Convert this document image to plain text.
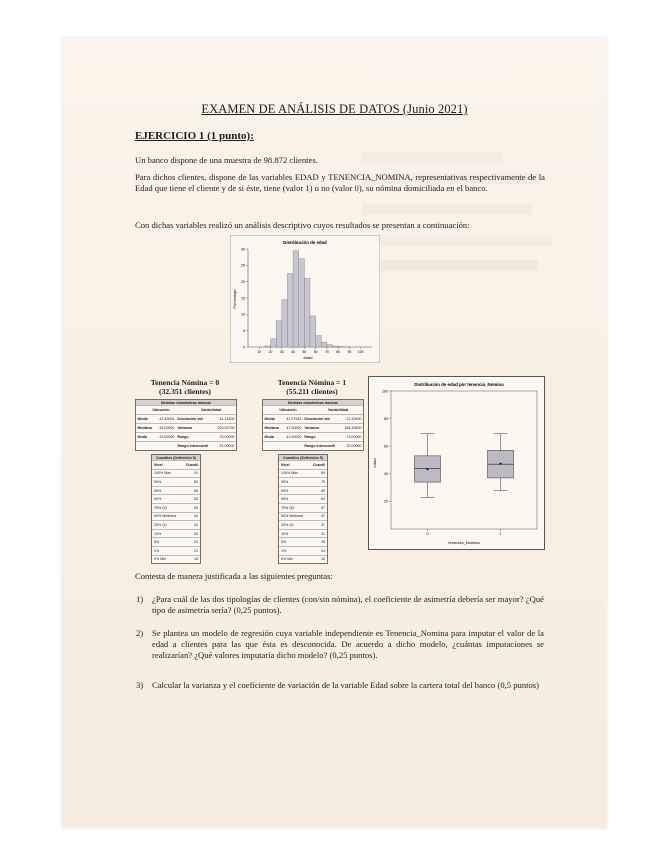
EXAMEN DE ANÁLISIS DE DATOS (Junio 2021)
EJERCICIO 1 (1 punto):
Un banco dispone de una muestra de 98.872 clientes.
Para dichos clientes, dispone de las variables EDAD y TENENCIA_NOMINA, representativas respectivamente de la Edad que tiene el cliente y de si éste, tiene (valor 1) o no (valor 0), su nómina domiciliada en el banco.
Con dichas variables realizó un análisis descriptivo cuyos resultados se presentan a continuación:
Distribución de edad
Porcentaje
edad
0
5
10
15
20
25
30
10 20 30 40 50 60 70 80 90 100
Tenencia Nómina = 0
(32.351 clientes)
Medidas estadísticas básicas
Ubicación	Variabilidad
Media	43.40054 Desviación std	14.14300
Mediana	44.00000 Varianza	200.02790
Moda	43.00000 Rango	75.00000
Rango intercuartil	21.00000
Cuantiles (Definición 5)
Nivel	Cuantil
100% Máx	91
99%	82
95%	69
90%	63
75% Q3	53
50% Mediana	44
25% Q1	34
10%	26
5%	23
1%	21
0% Mín	16
Tenencia Nómina = 1
(55.211 clientes)
Medidas estadísticas básicas
Ubicación	Variabilidad
Media	47.27943 Desviación std	12.42690
Mediana	47.00000 Varianza	154.42600
Moda	41.00000 Rango	73.00000
Rango intercuartil	20.00000
Cuantiles (Definición 5)
Nivel	Cuantil
100% Máx	89
99%	79
95%	69
90%	64
75% Q3	57
50% Mediana	47
25% Q1	37
10%	31
5%	28
1%	24
0% Mín	16
Distribución de edad por tenencia_Nomina
edad
tenencia_Nomina
20
40
60
80
100
0	1
Contesta de manera justificada a las siguientes preguntas:
1) ¿Para cuál de las dos tipologías de clientes (con/sin nómina), el coeficiente de asimetría debería ser mayor? ¿Qué tipo de asimetría sería? (0,25 puntos).
2) Se plantea un modelo de regresión cuya variable independiente es Tenencia_Nomina para imputar el valor de la edad a clientes para las que ésta es desconocida. De acuerdo a dicho modelo, ¿cuántas imputaciones se realizarían? ¿Qué valores imputaría dicho modelo? (0,25 puntos).
3) Calcular la varianza y el coeficiente de variación de la variable Edad sobre la cartera total del banco (0,5 puntos)
